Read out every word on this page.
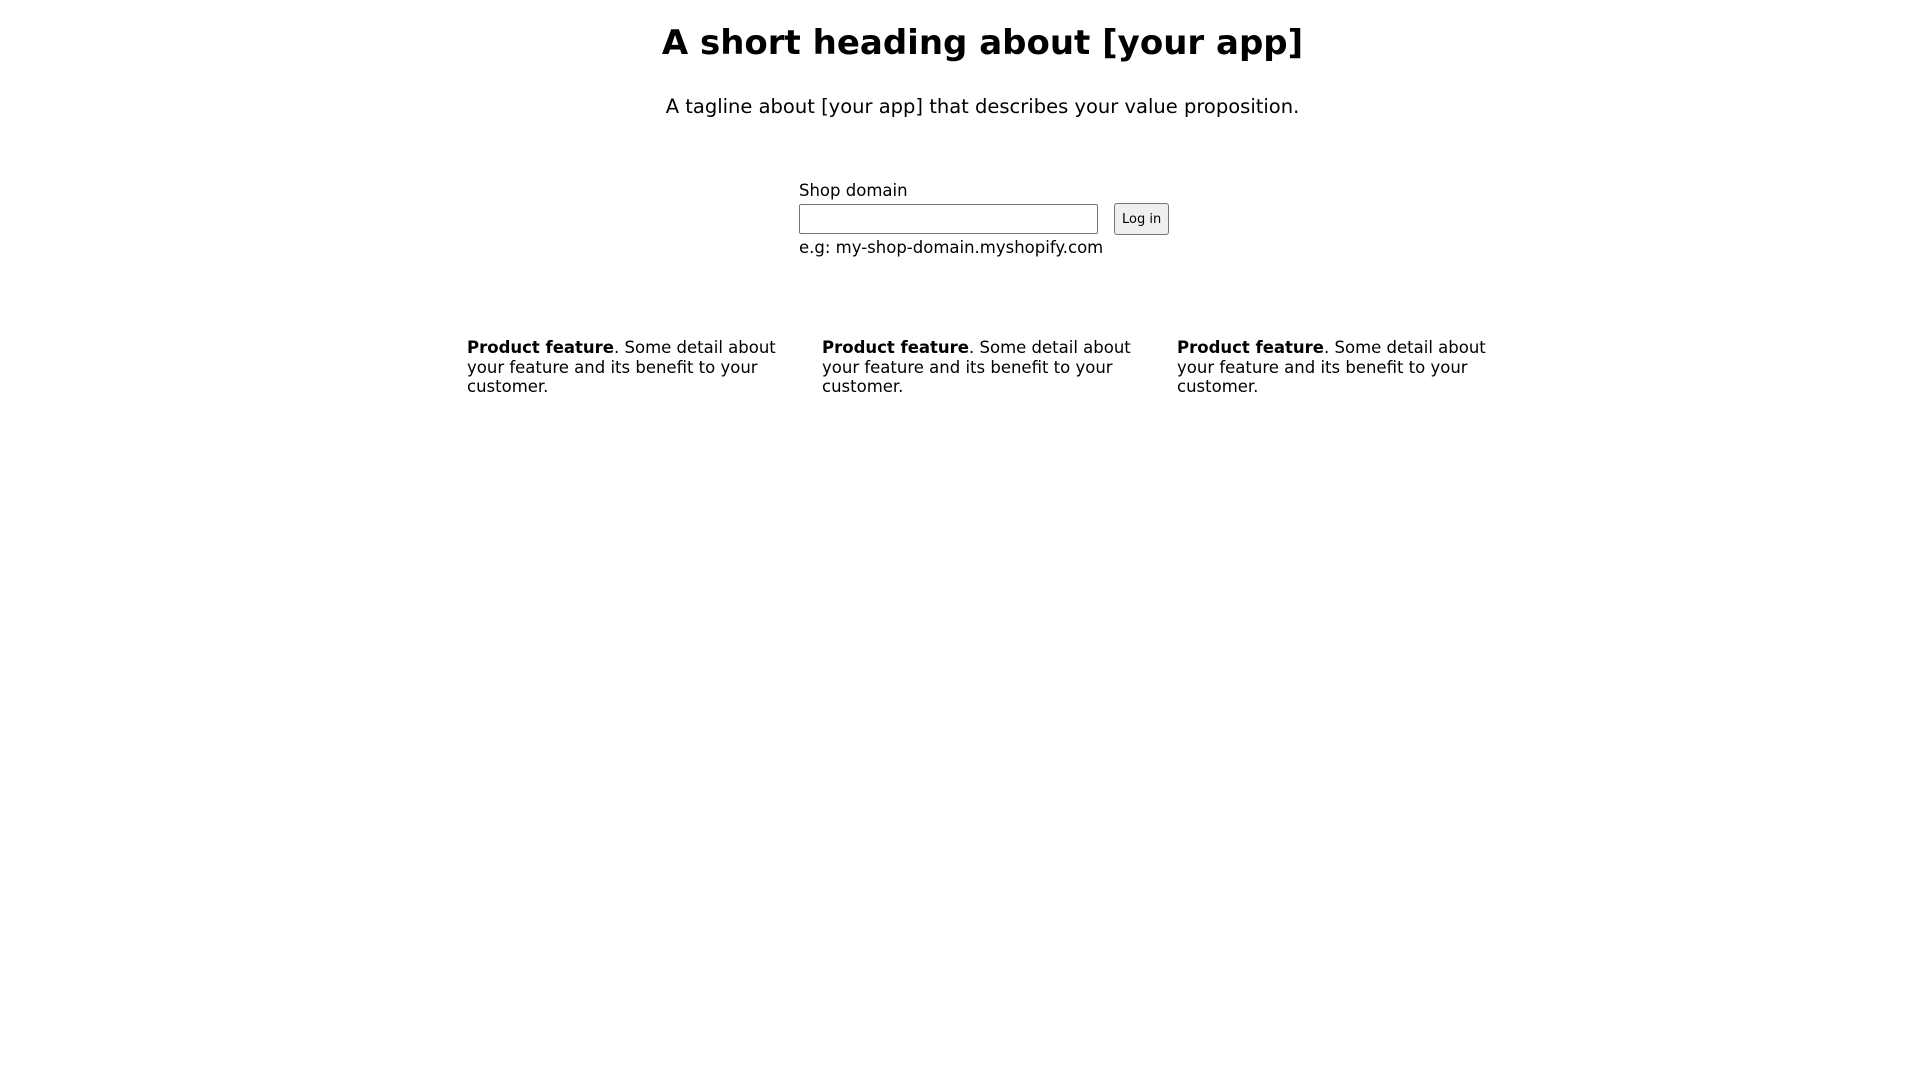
A short heading about [your app]

A tagline about [your app] that describes your value proposition.

Shop domain
Log in
e.g: my-shop-domain.myshopify.com

Product feature. Some detail about your feature and its benefit to your customer.

Product feature. Some detail about your feature and its benefit to your customer.

Product feature. Some detail about your feature and its benefit to your customer.
